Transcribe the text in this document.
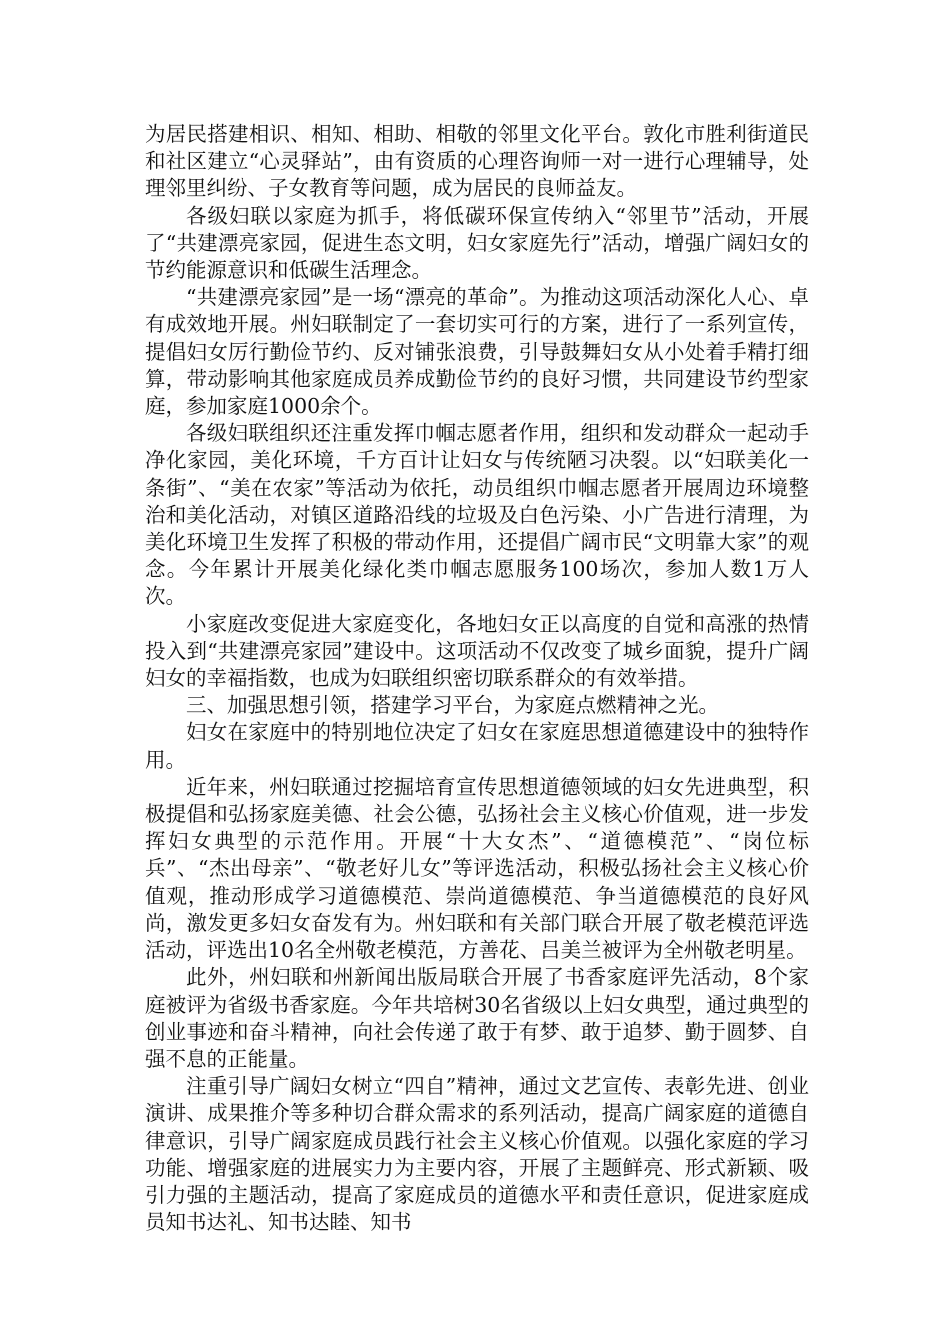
为居民搭建相识、相知、相助、相敬的邻里文化平台。敦化市胜利街道民和社区建立“心灵驿站”，由有资质的心理咨询师一对一进行心理辅导，处理邻里纠纷、子女教育等问题，成为居民的良师益友。

各级妇联以家庭为抓手，将低碳环保宣传纳入“邻里节”活动，开展了“共建漂亮家园，促进生态文明，妇女家庭先行”活动，增强广阔妇女的节约能源意识和低碳生活理念。

“共建漂亮家园”是一场“漂亮的革命”。为推动这项活动深化人心、卓有成效地开展。州妇联制定了一套切实可行的方案，进行了一系列宣传，提倡妇女厉行勤俭节约、反对铺张浪费，引导鼓舞妇女从小处着手精打细算，带动影响其他家庭成员养成勤俭节约的良好习惯，共同建设节约型家庭，参加家庭1000余个。

各级妇联组织还注重发挥巾帼志愿者作用，组织和发动群众一起动手净化家园，美化环境，千方百计让妇女与传统陋习决裂。以“妇联美化一条街”、“美在农家”等活动为依托，动员组织巾帼志愿者开展周边环境整治和美化活动，对镇区道路沿线的垃圾及白色污染、小广告进行清理，为美化环境卫生发挥了积极的带动作用，还提倡广阔市民“文明靠大家”的观念。今年累计开展美化绿化类巾帼志愿服务100场次，参加人数1万人次。

小家庭改变促进大家庭变化，各地妇女正以高度的自觉和高涨的热情投入到“共建漂亮家园”建设中。这项活动不仅改变了城乡面貌，提升广阔妇女的幸福指数，也成为妇联组织密切联系群众的有效举措。

三、加强思想引领，搭建学习平台，为家庭点燃精神之光。

妇女在家庭中的特别地位决定了妇女在家庭思想道德建设中的独特作用。

近年来，州妇联通过挖掘培育宣传思想道德领域的妇女先进典型，积极提倡和弘扬家庭美德、社会公德，弘扬社会主义核心价值观，进一步发挥妇女典型的示范作用。开展“十大女杰”、“道德模范”、“岗位标兵”、“杰出母亲”、“敬老好儿女”等评选活动，积极弘扬社会主义核心价值观，推动形成学习道德模范、崇尚道德模范、争当道德模范的良好风尚，激发更多妇女奋发有为。州妇联和有关部门联合开展了敬老模范评选活动，评选出10名全州敬老模范，方善花、吕美兰被评为全州敬老明星。

此外，州妇联和州新闻出版局联合开展了书香家庭评先活动，8个家庭被评为省级书香家庭。今年共培树30名省级以上妇女典型，通过典型的创业事迹和奋斗精神，向社会传递了敢于有梦、敢于追梦、勤于圆梦、自强不息的正能量。

注重引导广阔妇女树立“四自”精神，通过文艺宣传、表彰先进、创业演讲、成果推介等多种切合群众需求的系列活动，提高广阔家庭的道德自律意识，引导广阔家庭成员践行社会主义核心价值观。以强化家庭的学习功能、增强家庭的进展实力为主要内容，开展了主题鲜亮、形式新颖、吸引力强的主题活动，提高了家庭成员的道德水平和责任意识，促进家庭成员知书达礼、知书达睦、知书
